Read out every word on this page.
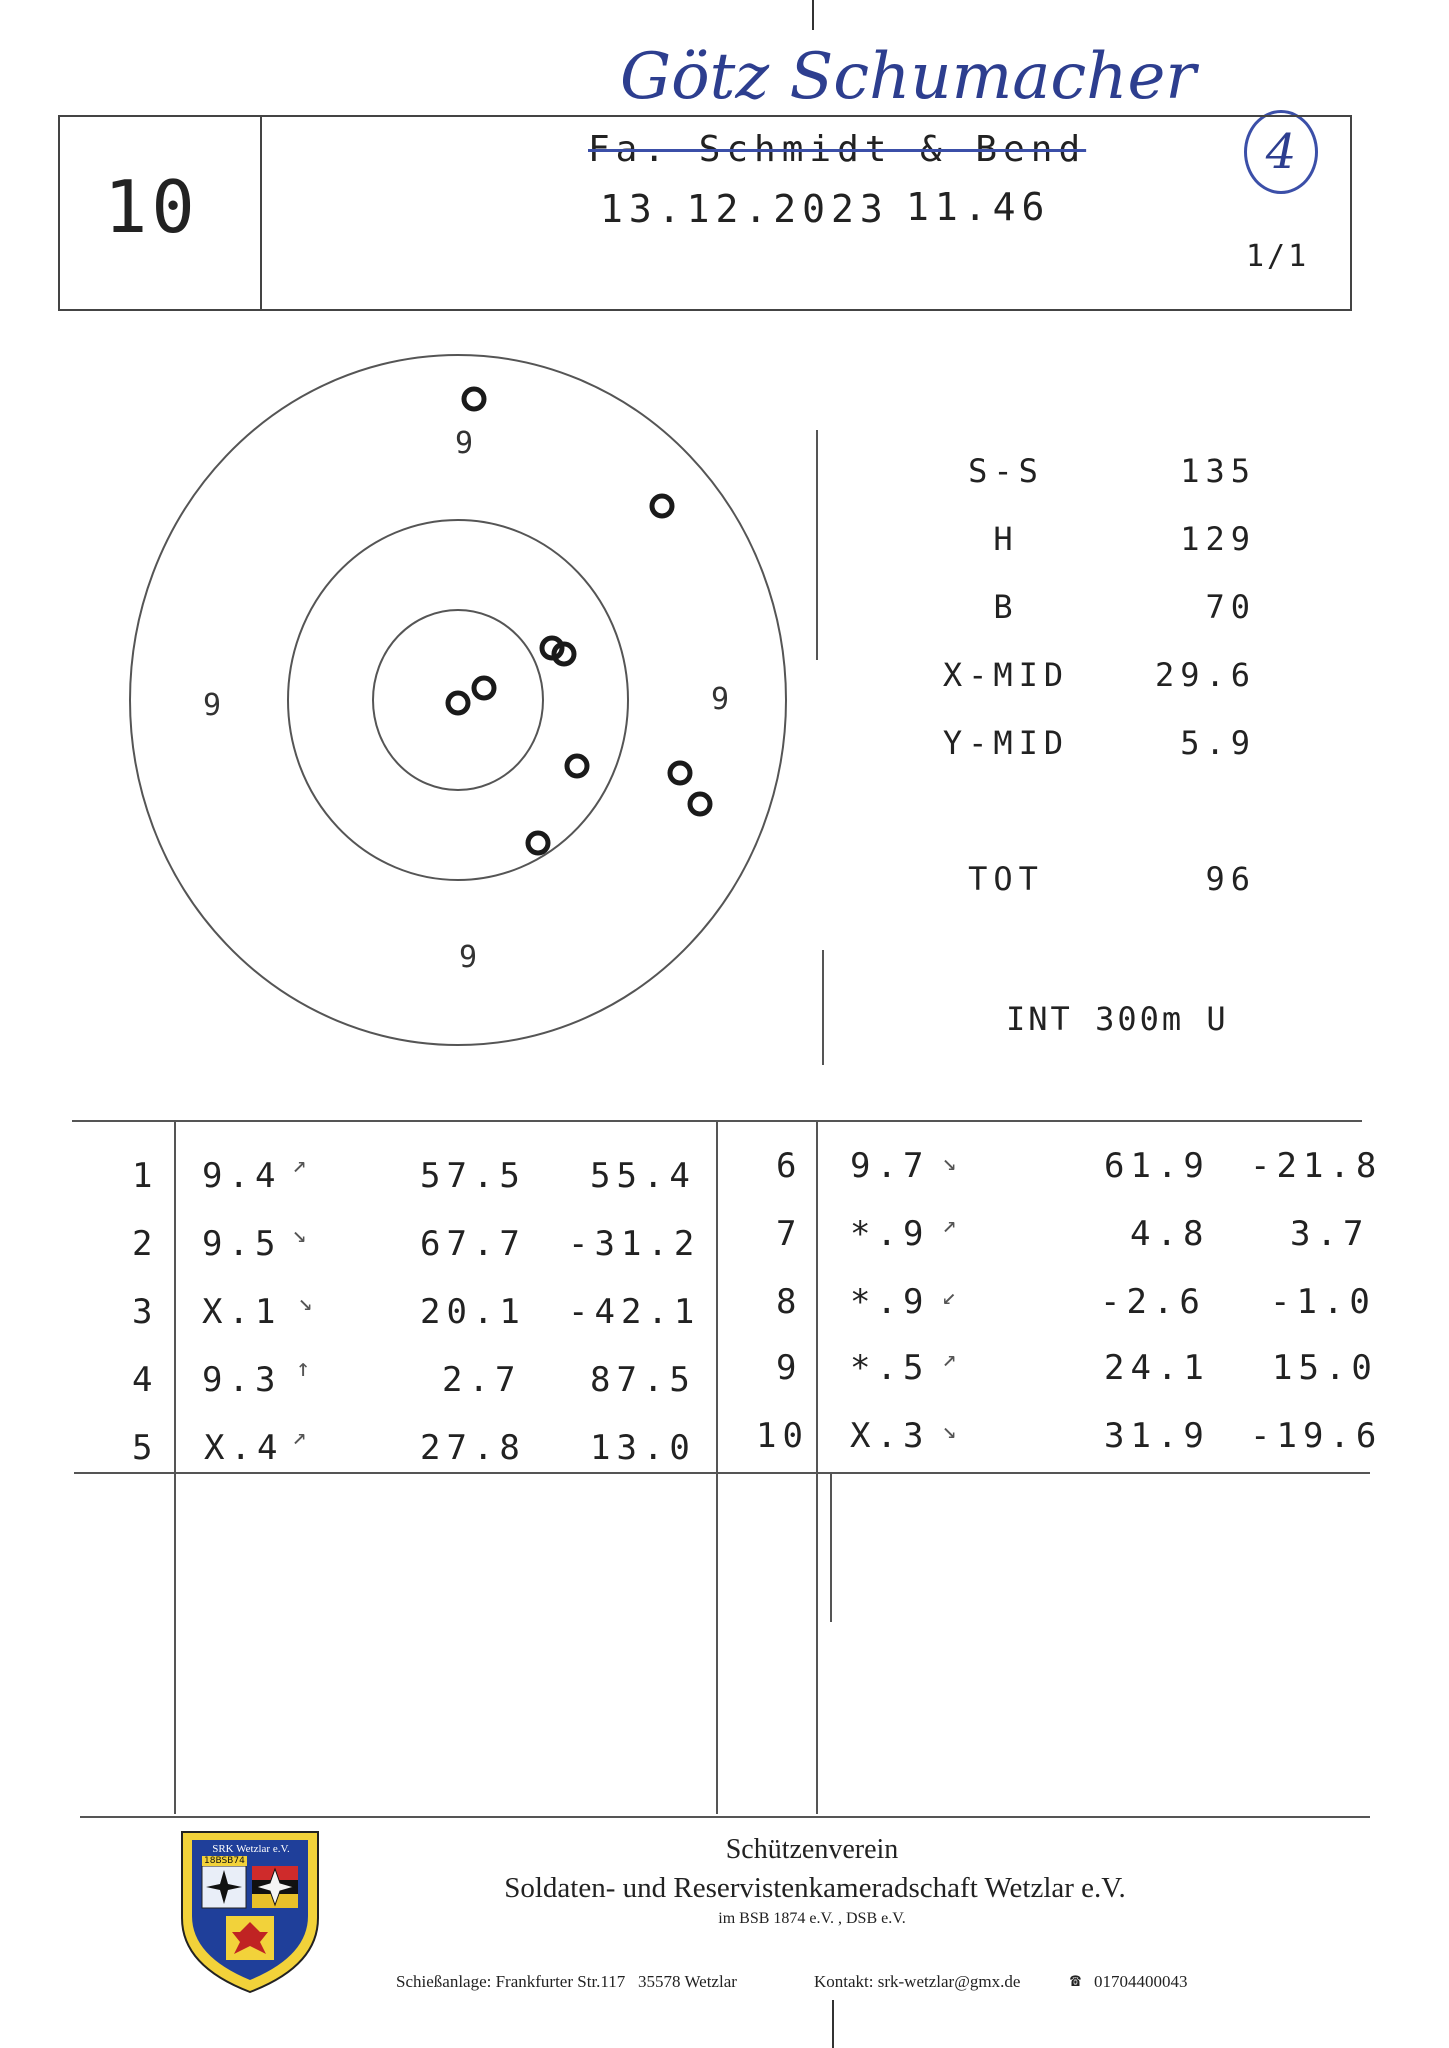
Götz Schumacher
4
10
Fa. Schmidt & Bend
13.12.2023 11.46
1/1
9
9	9
9
S-S	135
H	129
B	70
X-MID	29.6
Y-MID	5.9
TOT	96
INT 300m U
1 9.4 ↗	57.5 55.4 6 9.7 ↘	61.9 -21.8
2 9.5 ↘	67.7 -31.2 7 *.9 ↗	4.8 3.7
3 X.1 ↘	20.1 -42.1 8 *.9 ↙	-2.6 -1.0
4 9.3 ↑	2.7 87.5 9 *.5 ↗	24.1 15.0
5 X.4 ↗	27.8 13.0 10 X.3 ↘	31.9 -19.6
SRK Wetzlar e.V.
18BSB74	Schützenverein
Soldaten- und Reservistenkameradschaft Wetzlar e.V.
im BSB 1874 e.V. , DSB e.V.
Schießanlage: Frankfurter Str.117   35578 Wetzlar	Kontakt: srk-wetzlar@gmx.de	☎ 01704400043
